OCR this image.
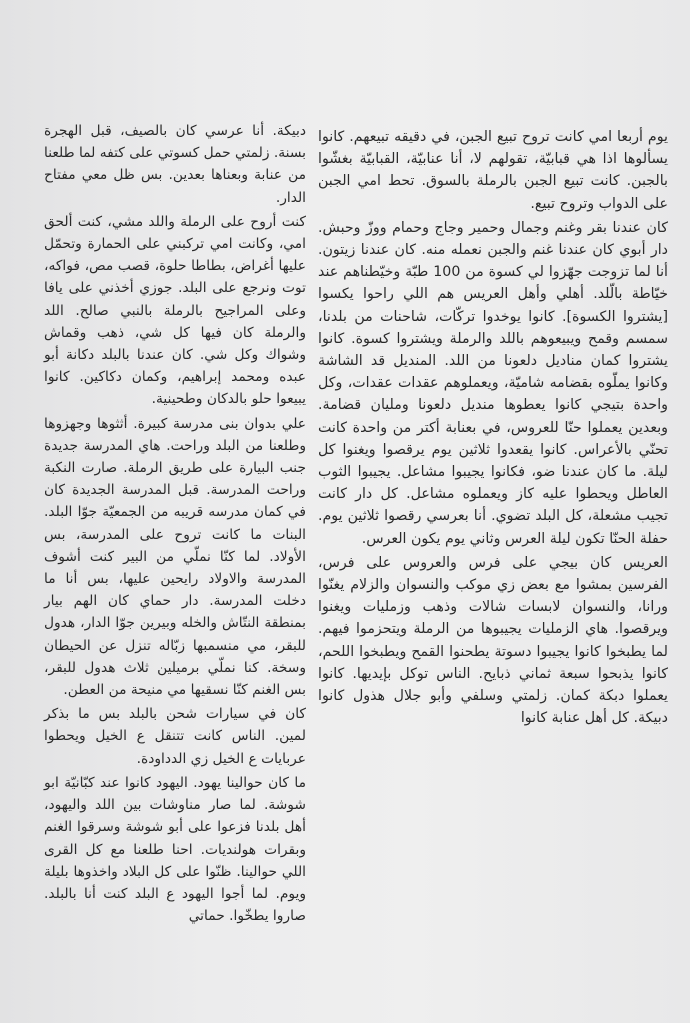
يوم أربعا امي كانت تروح تبيع الجبن، في دقيقه تبيعهم. كانوا يسألوها اذا هي قبابيّة، تقولهم لا، أنا عنابيّة، القبابيّة بغشّوا بالجبن. كانت تبيع الجبن بالرملة بالسوق. تحط امي الجبن على الدواب وتروح تبيع.

كان عندنا بقر وغنم وجمال وحمير وجاج وحمام ووزّ وحبش. دار أبوي كان عندنا غنم والجبن نعمله منه. كان عندنا زيتون. أنا لما تزوجت جهّزوا لي كسوة من 100 طبّة وخيّطناهم عند خيّاطة بالّلد. أهلي وأهل العريس هم اللي راحوا يكسوا [يشتروا الكسوة]. كانوا يوخدوا تركّات، شاحنات من بلدنا، سمسم وقمح ويبيعوهم باللد والرملة ويشتروا كسوة. كانوا يشتروا كمان مناديل دلعونا من اللد. المنديل قد الشاشة وكانوا يملّوه بقضامه شاميّة، ويعملوهم عقدات عقدات، وكل واحدة بتيجي كانوا يعطوها منديل دلعونا ومليان قضامة. وبعدين يعملوا حنّا للعروس، في بعنابة أكتر من واحدة كانت تحنّي بالأعراس. كانوا يقعدوا ثلاثين يوم يرقصوا ويغنوا كل ليلة. ما كان عندنا ضو، فكانوا يجيبوا مشاعل. يجيبوا الثوب العاطل ويحطوا عليه كاز ويعملوه مشاعل. كل دار كانت تجيب مشعلة، كل البلد تضوي. أنا بعرسي رقصوا ثلاثين يوم. حفلة الحنّا تكون ليلة العرس وثاني يوم يكون العرس.

العريس كان بيجي على فرس والعروس على فرس، الفرسين بمشوا مع بعض زي موكب والنسوان والزلام يغنّوا ورانا، والنسوان لابسات شالات وذهب وزمليات ويغنوا ويرقصوا. هاي الزمليات يجيبوها من الرملة ويتحزموا فيهم. لما يطبخوا كانوا يجيبوا دسوتة يطحنوا القمح ويطبخوا اللحم، كانوا يذبحوا سبعة ثماني ذبايح. الناس توكل بإيديها. كانوا يعملوا دبكة كمان. زلمتي وسلفي وأبو جلال هذول كانوا دبيكة. كل أهل عنابة كانوا

دبيكة. أنا عرسي كان بالصيف، قبل الهجرة بسنة. زلمتي حمل كسوتي على كتفه لما طلعنا من عنابة وبعناها بعدين. بس ظل معي مفتاح الدار.

كنت أروح على الرملة واللد مشي، كنت ألحق امي، وكانت امي تركبني على الحمارة وتحمّل عليها أغراض، بطاطا حلوة، قصب مص، فواكه، توت ونرجع على البلد. جوزي أخذني على يافا وعلى المراجيح بالرملة بالنبي صالح. اللد والرملة كان فيها كل شي، ذهب وقماش وشواك وكل شي. كان عندنا بالبلد دكانة أبو عبده ومحمد إبراهيم، وكمان دكاكين. كانوا يبيعوا حلو بالدكان وطحينية.

علي بدوان بنى مدرسة كبيرة. أثثوها وجهزوها وطلعنا من البلد وراحت. هاي المدرسة جديدة جنب البيارة على طريق الرملة. صارت النكبة وراحت المدرسة. قبل المدرسة الجديدة كان في كمان مدرسه قريبه من الجمعيّة جوّا البلد. البنات ما كانت تروح على المدرسة، بس الأولاد. لما كنّا نملّي من البير كنت أشوف المدرسة والاولاد رايحين عليها، بس أنا ما دخلت المدرسة. دار حماي كان الهم بيار بمنطقة النتّاش والخله وبيرين جوّا الدار، هدول للبقر، مي منسمبها زبّاله تنزل عن الحيطان وسخة. كنا نملّي برميلين ثلاث هدول للبقر، بس الغنم كنّا نسقيها مي منيحة من العطن.

كان في سيارات شحن بالبلد بس ما بذكر لمين. الناس كانت تتنقل ع الخيل ويحطوا عربايات ع الخيل زي الدداودة.

ما كان حوالينا يهود. اليهود كانوا عند كبّانيّة ابو شوشة. لما صار مناوشات بين اللد واليهود، أهل بلدنا فزعوا على أبو شوشة وسرقوا الغنم وبقرات هولنديات. احنا طلعنا مع كل القرى اللي حوالينا. ظنّوا على كل البلاد واخذوها بليلة ويوم. لما أجوا اليهود ع البلد كنت أنا بالبلد. صاروا يطخّوا. حماتي
